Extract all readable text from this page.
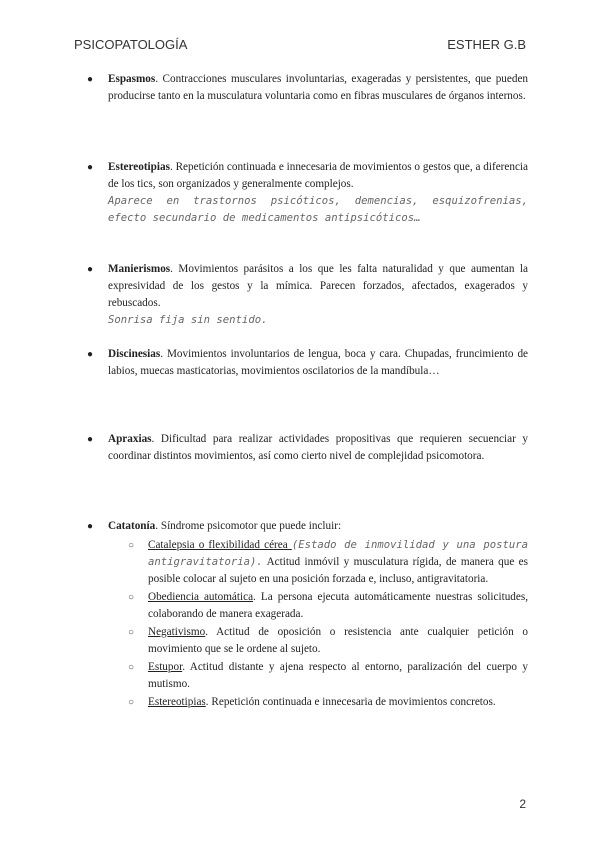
PSICOPATOLOGÍA	ESTHER G.B
● Espasmos. Contracciones musculares involuntarias, exageradas y persistentes, que pueden producirse tanto en la musculatura voluntaria como en fibras musculares de órganos internos.
● Estereotipias. Repetición continuada e innecesaria de movimientos o gestos que, a diferencia de los tics, son organizados y generalmente complejos.
Aparece en trastornos psicóticos, demencias, esquizofrenias, efecto secundario de medicamentos antipsicóticos…
● Manierismos. Movimientos parásitos a los que les falta naturalidad y que aumentan la expresividad de los gestos y la mímica. Parecen forzados, afectados, exagerados y rebuscados.
Sonrisa fija sin sentido.
● Discinesias. Movimientos involuntarios de lengua, boca y cara. Chupadas, fruncimiento de labios, muecas masticatorias, movimientos oscilatorios de la mandíbula…
● Apraxias. Dificultad para realizar actividades propositivas que requieren secuenciar y coordinar distintos movimientos, así como cierto nivel de complejidad psicomotora.
● Catatonía. Síndrome psicomotor que puede incluir:
○ Catalepsia o flexibilidad cérea (Estado de inmovilidad y una postura antigravitatoria). Actitud inmóvil y musculatura rígida, de manera que es posible colocar al sujeto en una posición forzada e, incluso, antigravitatoria.
○ Obediencia automática. La persona ejecuta automáticamente nuestras solicitudes, colaborando de manera exagerada.
○ Negativismo. Actitud de oposición o resistencia ante cualquier petición o movimiento que se le ordene al sujeto.
○ Estupor. Actitud distante y ajena respecto al entorno, paralización del cuerpo y mutismo.
○ Estereotipias. Repetición continuada e innecesaria de movimientos concretos.
2
